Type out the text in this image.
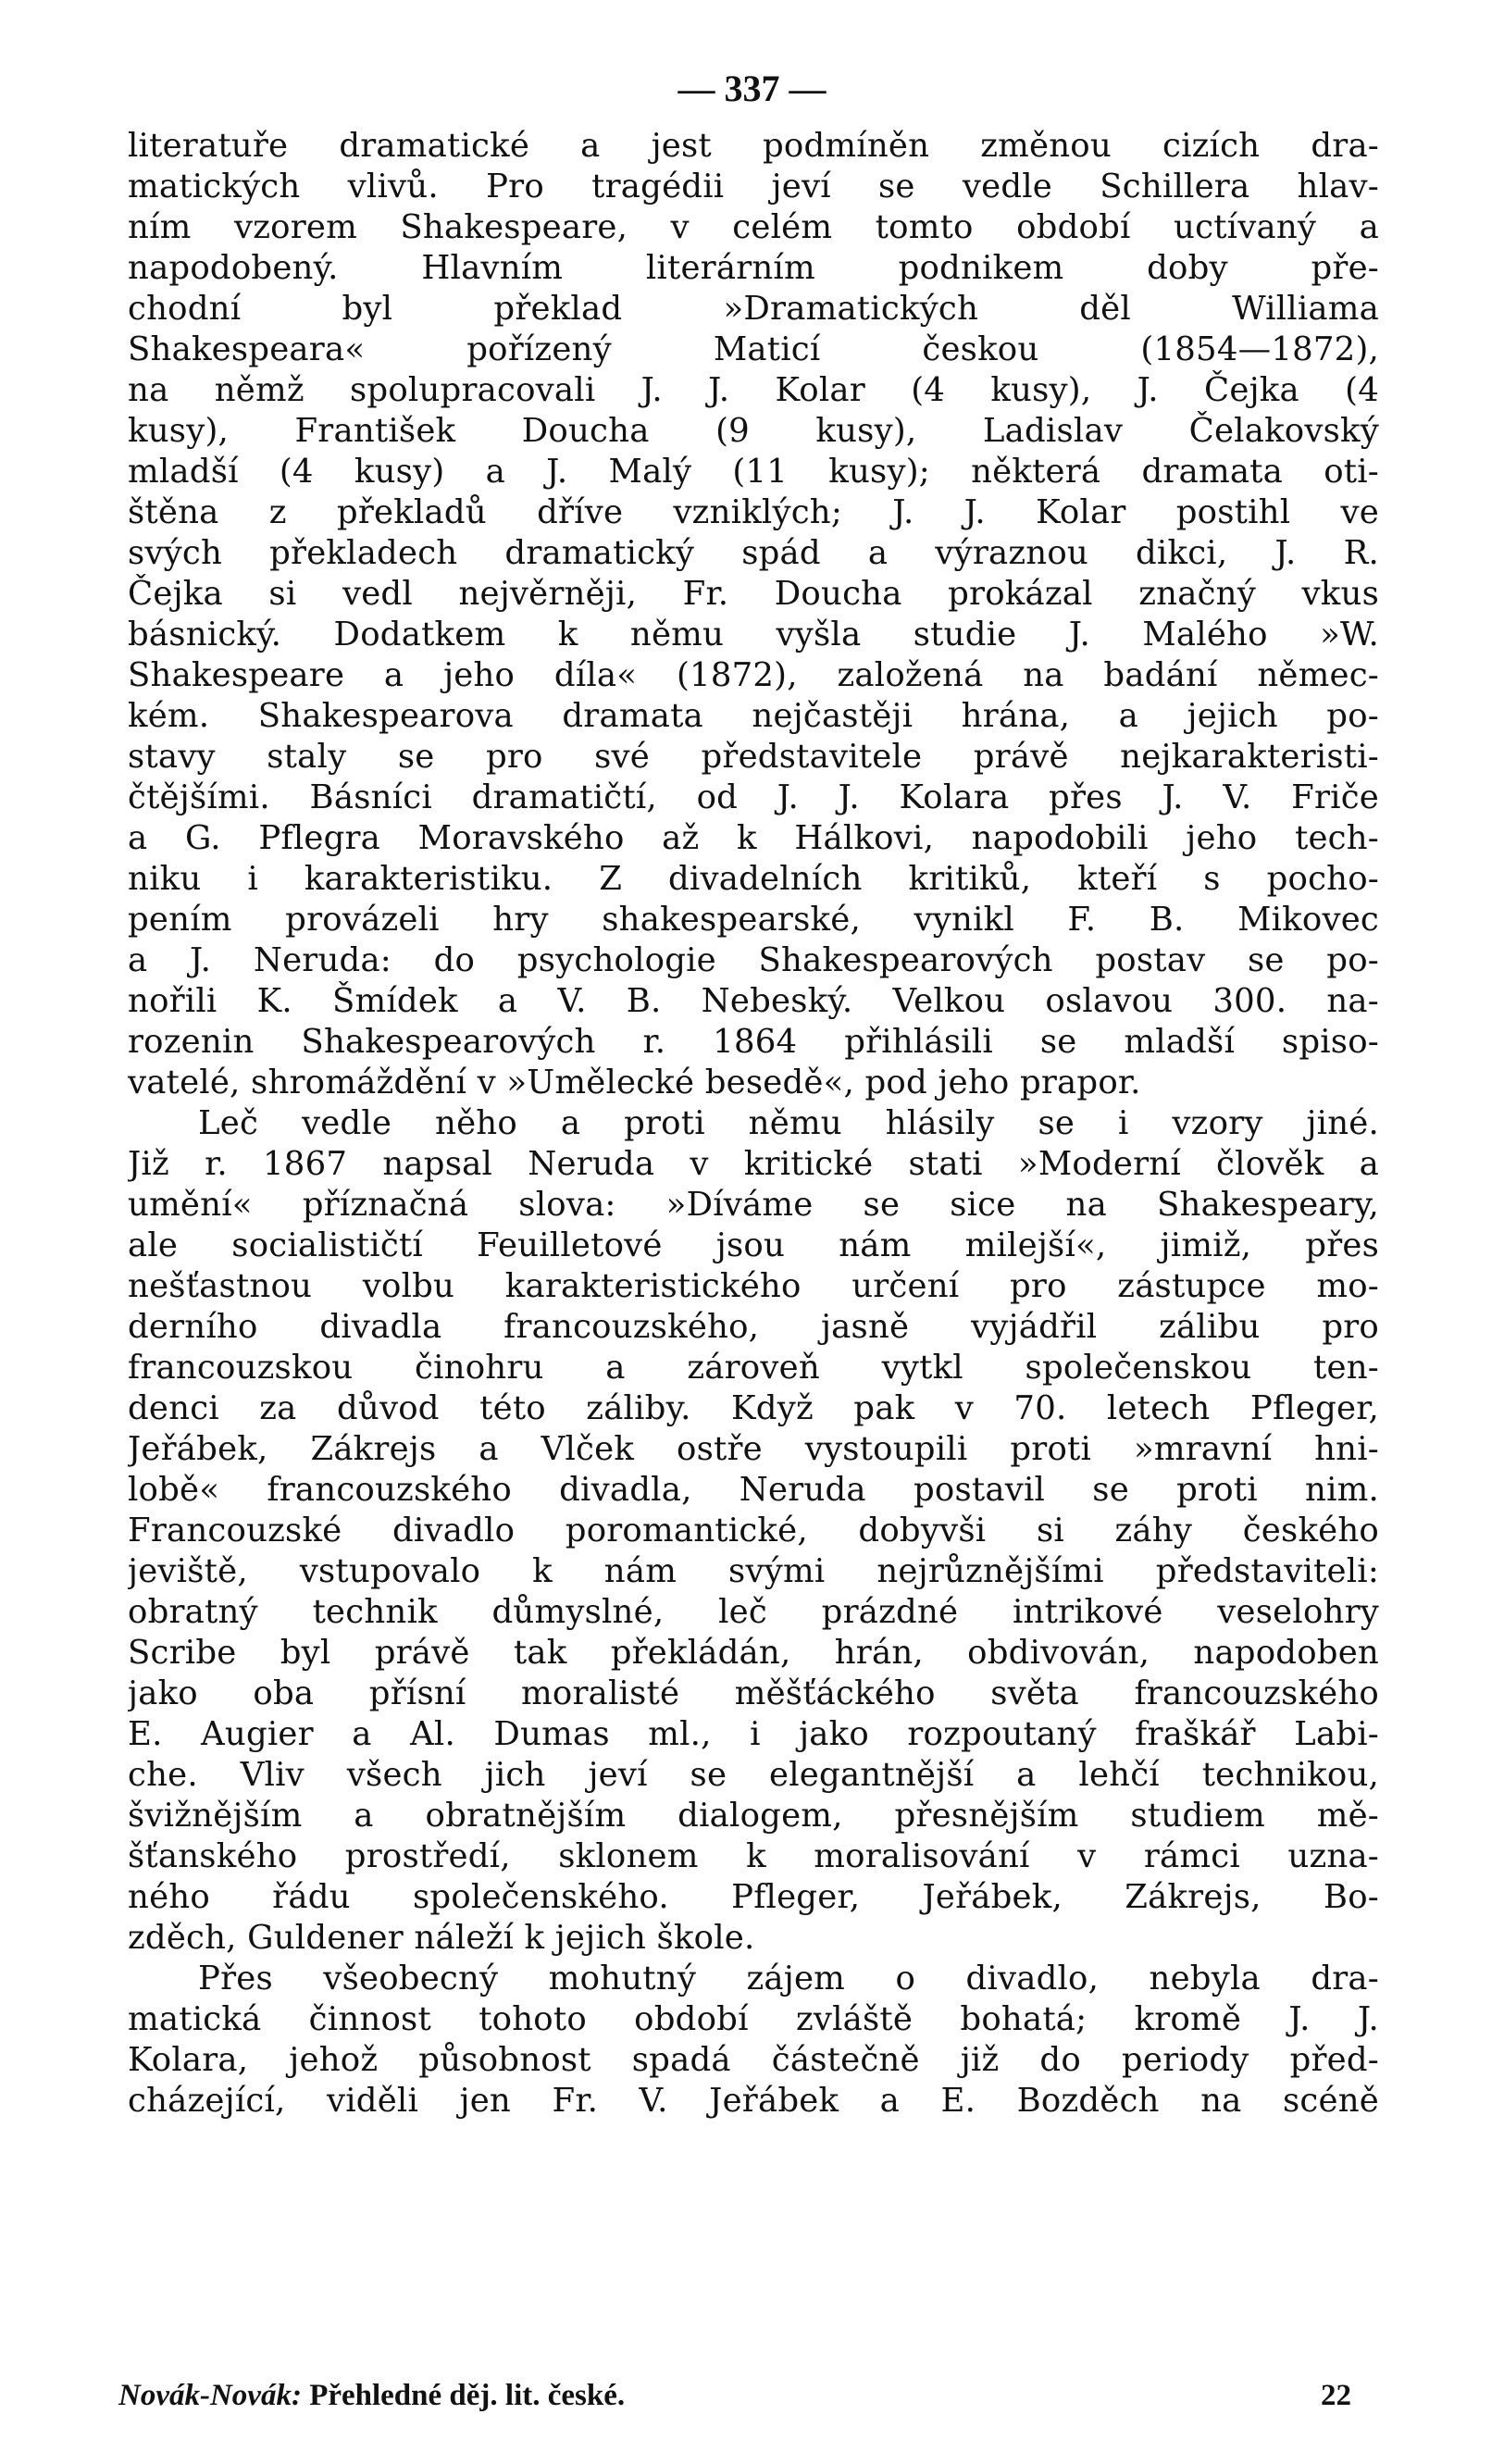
— 337 —
literatuře dramatické a jest podmíněn změnou cizích dra-
matických vlivů. Pro tragédii jeví se vedle Schillera hlav-
ním vzorem Shakespeare, v celém tomto období uctívaný a
napodobený. Hlavním literárním podnikem doby pře-
chodní byl překlad »Dramatických děl Williama
Shakespeara« pořízený Maticí českou (1854—1872),
na němž spolupracovali J. J. Kolar (4 kusy), J. Čejka (4
kusy), František Doucha (9 kusy), Ladislav Čelakovský
mladší (4 kusy) a J. Malý (11 kusy); některá dramata oti-
štěna z překladů dříve vzniklých; J. J. Kolar postihl ve
svých překladech dramatický spád a výraznou dikci, J. R.
Čejka si vedl nejvěrněji, Fr. Doucha prokázal značný vkus
básnický. Dodatkem k němu vyšla studie J. Malého »W.
Shakespeare a jeho díla« (1872), založená na badání němec-
kém. Shakespearova dramata nejčastěji hrána, a jejich po-
stavy staly se pro své představitele právě nejkarakteristi-
čtějšími. Básníci dramatičtí, od J. J. Kolara přes J. V. Friče
a G. Pflegra Moravského až k Hálkovi, napodobili jeho tech-
niku i karakteristiku. Z divadelních kritiků, kteří s pocho-
pením provázeli hry shakespearské, vynikl F. B. Mikovec
a J. Neruda: do psychologie Shakespearových postav se po-
nořili K. Šmídek a V. B. Nebeský. Velkou oslavou 300. na-
rozenin Shakespearových r. 1864 přihlásili se mladší spiso-
vatelé, shromáždění v »Umělecké besedě«, pod jeho prapor.
Leč vedle něho a proti němu hlásily se i vzory jiné.
Již r. 1867 napsal Neruda v kritické stati »Moderní člověk a
umění« příznačná slova: »Díváme se sice na Shakespeary,
ale socialističtí Feuilletové jsou nám milejší«, jimiž, přes
nešťastnou volbu karakteristického určení pro zástupce mo-
derního divadla francouzského, jasně vyjádřil zálibu pro
francouzskou činohru a zároveň vytkl společenskou ten-
denci za důvod této záliby. Když pak v 70. letech Pfleger,
Jeřábek, Zákrejs a Vlček ostře vystoupili proti »mravní hni-
lobě« francouzského divadla, Neruda postavil se proti nim.
Francouzské divadlo poromantické, dobyvši si záhy českého
jeviště, vstupovalo k nám svými nejrůznějšími představiteli:
obratný technik důmyslné, leč prázdné intrikové veselohry
Scribe byl právě tak překládán, hrán, obdivován, napodoben
jako oba přísní moralisté měšťáckého světa francouzského
E. Augier a Al. Dumas ml., i jako rozpoutaný fraškář Labi-
che. Vliv všech jich jeví se elegantnější a lehčí technikou,
švižnějším a obratnějším dialogem, přesnějším studiem mě-
šťanského prostředí, sklonem k moralisování v rámci uzna-
ného řádu společenského. Pfleger, Jeřábek, Zákrejs, Bo-
zděch, Guldener náleží k jejich škole.
Přes všeobecný mohutný zájem o divadlo, nebyla dra-
matická činnost tohoto období zvláště bohatá; kromě J. J.
Kolara, jehož působnost spadá částečně již do periody před-
cházející, viděli jen Fr. V. Jeřábek a E. Bozděch na scéně
Novák-Novák: Přehledné děj. lit. české.	22
